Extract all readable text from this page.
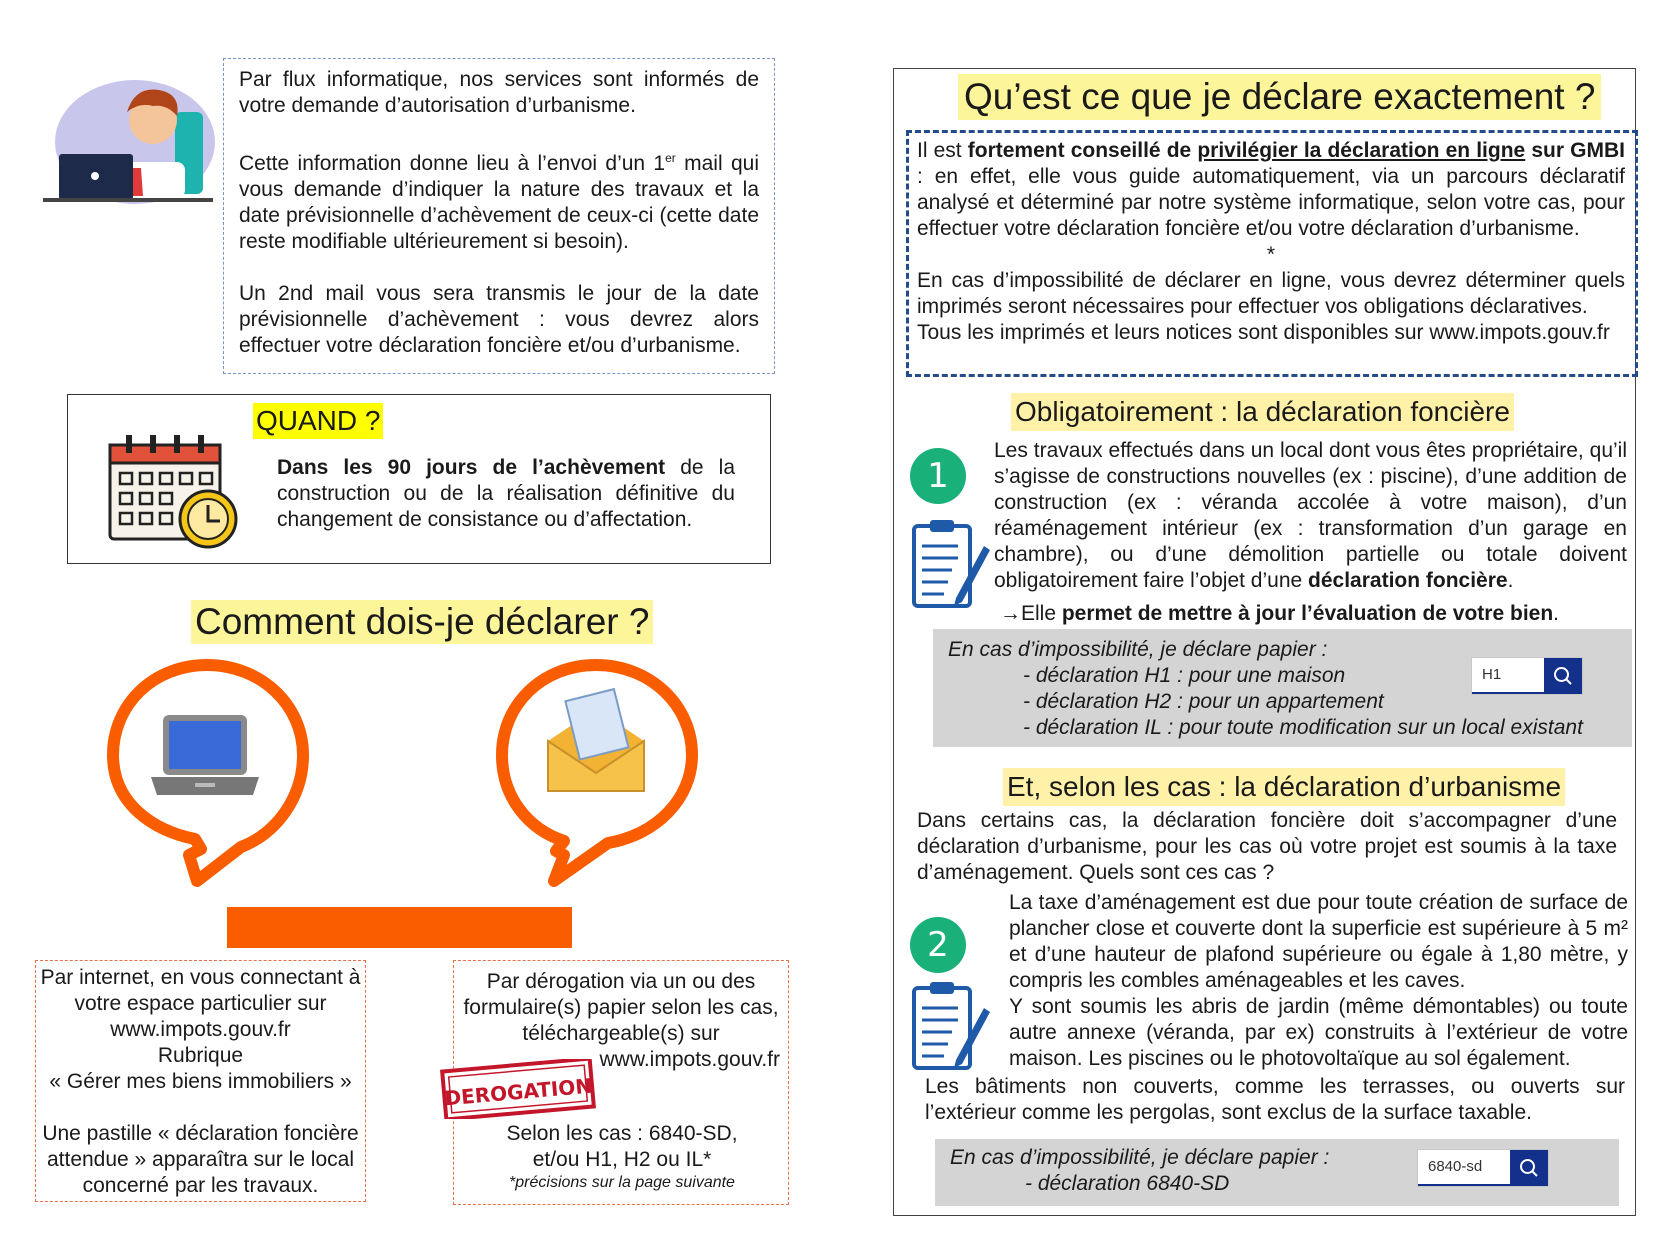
Par flux informatique, nos services sont informés de votre demande d’autorisation d’urbanisme.

Cette information donne lieu à l’envoi d’un 1er mail qui vous demande d’indiquer la nature des travaux et la date prévisionnelle d’achèvement de ceux-ci (cette date reste modifiable ultérieurement si besoin).

Un 2nd mail vous sera transmis le jour de la date prévisionnelle d’achèvement : vous devrez alors effectuer votre déclaration foncière et/ou d’urbanisme.

QUAND ?

Dans les 90 jours de l’achèvement de la construction ou de la réalisation définitive du changement de consistance ou d’affectation.

Comment dois-je déclarer ?
Par internet, en vous connectant à
votre espace particulier sur
www.impots.gouv.fr
Rubrique
« Gérer mes biens immobiliers »
Une pastille « déclaration foncière
attendue » apparaîtra sur le local
concerné par les travaux.
Par dérogation via un ou des
formulaire(s) papier selon les cas,
téléchargeable(s) sur
www.impots.gouv.fr
DEROGATION
Selon les cas : 6840-SD,
et/ou H1, H2 ou IL*
*précisions sur la page suivante
Qu’est ce que je déclare exactement ?

Il est fortement conseillé de privilégier la déclaration en ligne sur GMBI : en effet, elle vous guide automatiquement, via un parcours déclaratif analysé et déterminé par notre système informatique, selon votre cas, pour effectuer votre déclaration foncière et/ou votre déclaration d’urbanisme.

*

En cas d’impossibilité de déclarer en ligne, vous devrez déterminer quels imprimés seront nécessaires pour effectuer vos obligations déclaratives.

Tous les imprimés et leurs notices sont disponibles sur www.impots.gouv.fr

Obligatoirement : la déclaration foncière
1

Les travaux effectués dans un local dont vous êtes propriétaire, qu’il s’agisse de constructions nouvelles (ex : piscine), d’une addition de construction (ex : véranda accolée à votre maison), d’un réaménagement intérieur (ex : transformation d’un garage en chambre), ou d’une démolition partielle ou totale doivent obligatoirement faire l’objet d’une déclaration foncière.

→Elle permet de mettre à jour l’évaluation de votre bien.

En cas d’impossibilité, je déclare papier :
- déclaration H1 : pour une maison
- déclaration H2 : pour un appartement
- déclaration IL : pour toute modification sur un local existant
H1
Et, selon les cas : la déclaration d’urbanisme

Dans certains cas, la déclaration foncière doit s’accompagner d’une déclaration d’urbanisme, pour les cas où votre projet est soumis à la taxe d’aménagement. Quels sont ces cas ?

2

La taxe d’aménagement est due pour toute création de surface de plancher close et couverte dont la superficie est supérieure à 5 m² et d’une hauteur de plafond supérieure ou égale à 1,80 mètre, y compris les combles aménageables et les caves.

Y sont soumis les abris de jardin (même démontables) ou toute autre annexe (véranda, par ex) construits à l’extérieur de votre maison. Les piscines ou le photovoltaïque au sol également.

Les bâtiments non couverts, comme les terrasses, ou ouverts sur l’extérieur comme les pergolas, sont exclus de la surface taxable.

En cas d’impossibilité, je déclare papier :
- déclaration 6840-SD
6840-sd
